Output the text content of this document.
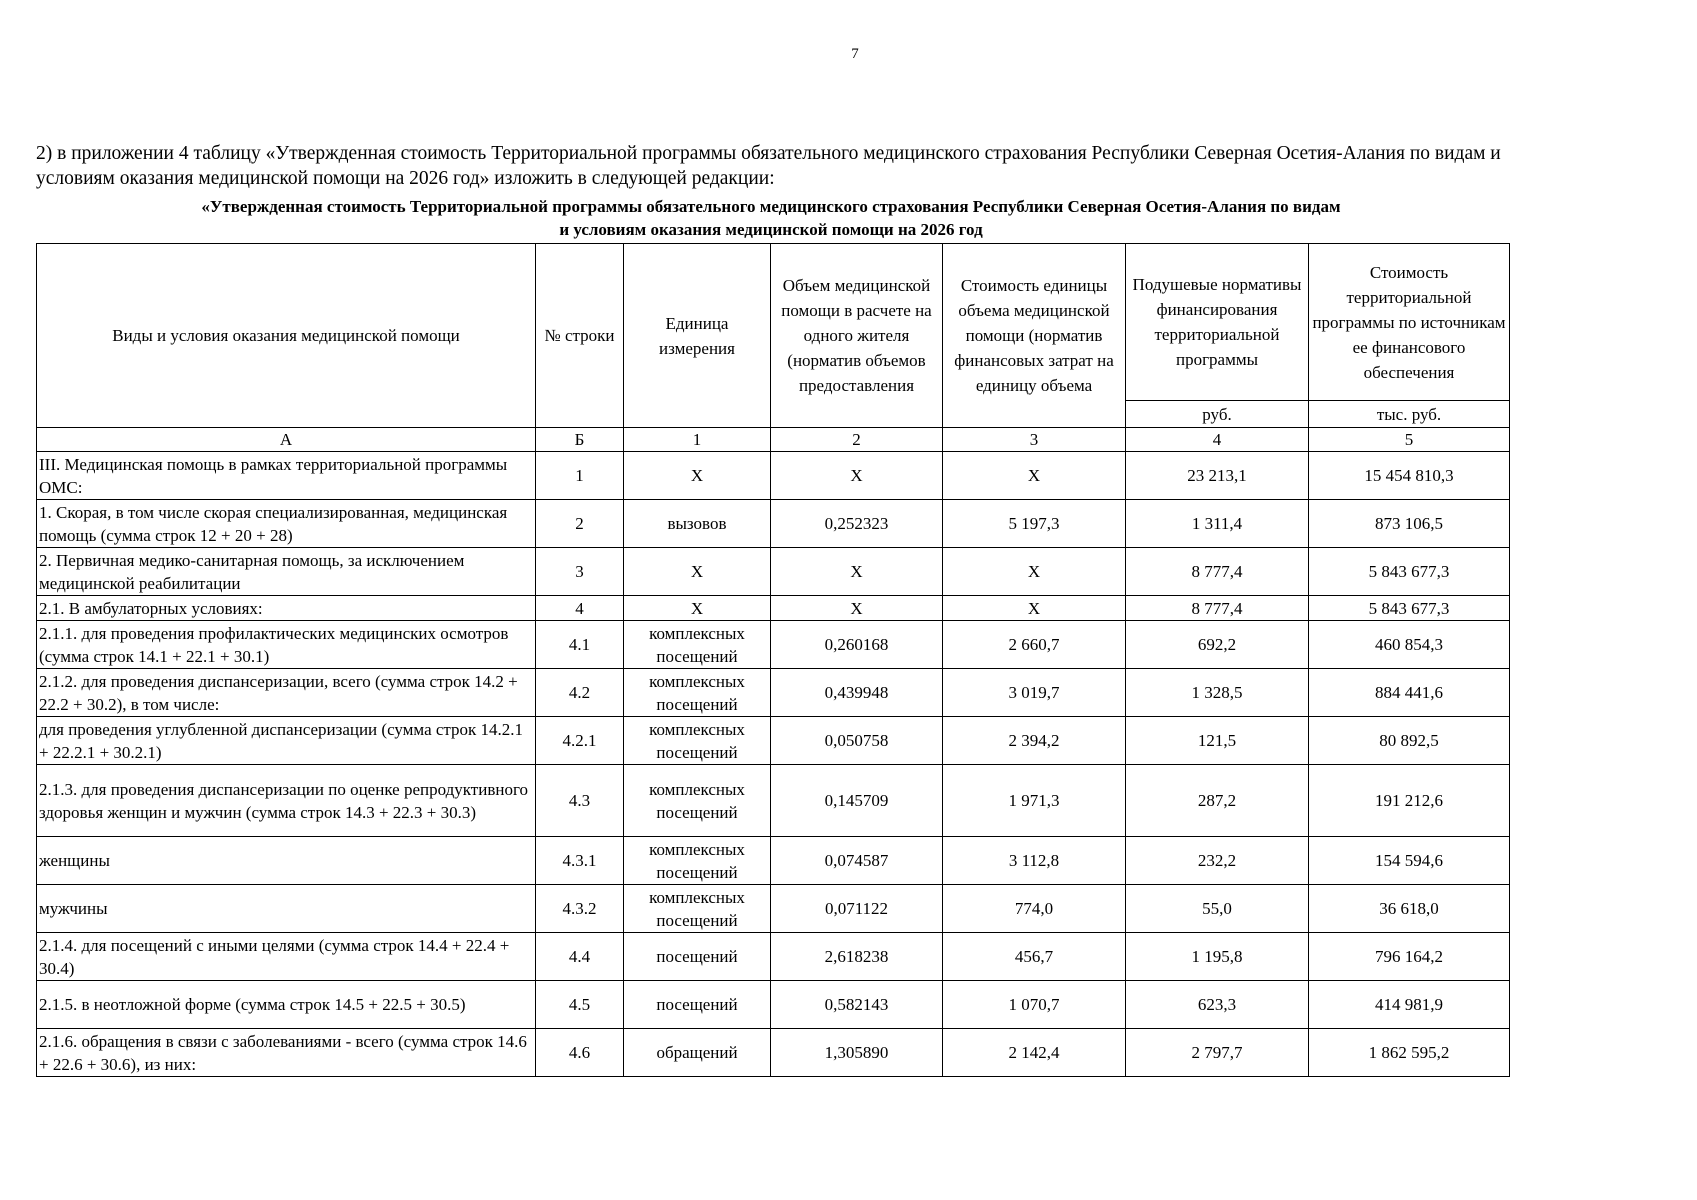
7
2) в приложении 4 таблицу «Утвержденная стоимость Территориальной программы обязательного медицинского страхования Республики Северная Осетия-Алания по видам и условиям оказания медицинской помощи на 2026 год» изложить в следующей редакции:
«Утвержденная стоимость Территориальной программы обязательного медицинского страхования Республики Северная Осетия-Алания по видам
и условиям оказания медицинской помощи на 2026 год
Виды и условия оказания медицинской помощи	№ строки	Единица измерения	Объем медицинской помощи в расчете на одного жителя (норматив объемов предоставления	Стоимость единицы объема медицинской помощи (норматив финансовых затрат на единицу объема	Подушевые нормативы финансирования территориальной программы	Стоимость территориальной программы по источникам ее финансового обеспечения
					руб.	тыс. руб.
А	Б	1	2	3	4	5
III. Медицинская помощь в рамках территориальной программы ОМС:	1	Х	Х	Х	23 213,1	15 454 810,3
1. Скорая, в том числе скорая специализированная, медицинская помощь (сумма строк 12 + 20 + 28)	2	вызовов	0,252323	5 197,3	1 311,4	873 106,5
2. Первичная медико-санитарная помощь, за исключением медицинской реабилитации	3	Х	Х	Х	8 777,4	5 843 677,3
2.1. В амбулаторных условиях:	4	Х	Х	Х	8 777,4	5 843 677,3
2.1.1. для проведения профилактических медицинских осмотров (сумма строк 14.1 + 22.1 + 30.1)	4.1	комплексных посещений	0,260168	2 660,7	692,2	460 854,3
2.1.2. для проведения диспансеризации, всего (сумма строк 14.2 + 22.2 + 30.2), в том числе:	4.2	комплексных посещений	0,439948	3 019,7	1 328,5	884 441,6
для проведения углубленной диспансеризации (сумма строк 14.2.1 + 22.2.1 + 30.2.1)	4.2.1	комплексных посещений	0,050758	2 394,2	121,5	80 892,5
2.1.3. для проведения диспансеризации по оценке репродуктивного здоровья женщин и мужчин (сумма строк 14.3 + 22.3 + 30.3)	4.3	комплексных посещений	0,145709	1 971,3	287,2	191 212,6
женщины	4.3.1	комплексных посещений	0,074587	3 112,8	232,2	154 594,6
мужчины	4.3.2	комплексных посещений	0,071122	774,0	55,0	36 618,0
2.1.4. для посещений с иными целями (сумма строк 14.4 + 22.4 + 30.4)	4.4	посещений	2,618238	456,7	1 195,8	796 164,2
2.1.5. в неотложной форме (сумма строк 14.5 + 22.5 + 30.5)	4.5	посещений	0,582143	1 070,7	623,3	414 981,9
2.1.6. обращения в связи с заболеваниями - всего (сумма строк 14.6 + 22.6 + 30.6), из них:	4.6	обращений	1,305890	2 142,4	2 797,7	1 862 595,2
